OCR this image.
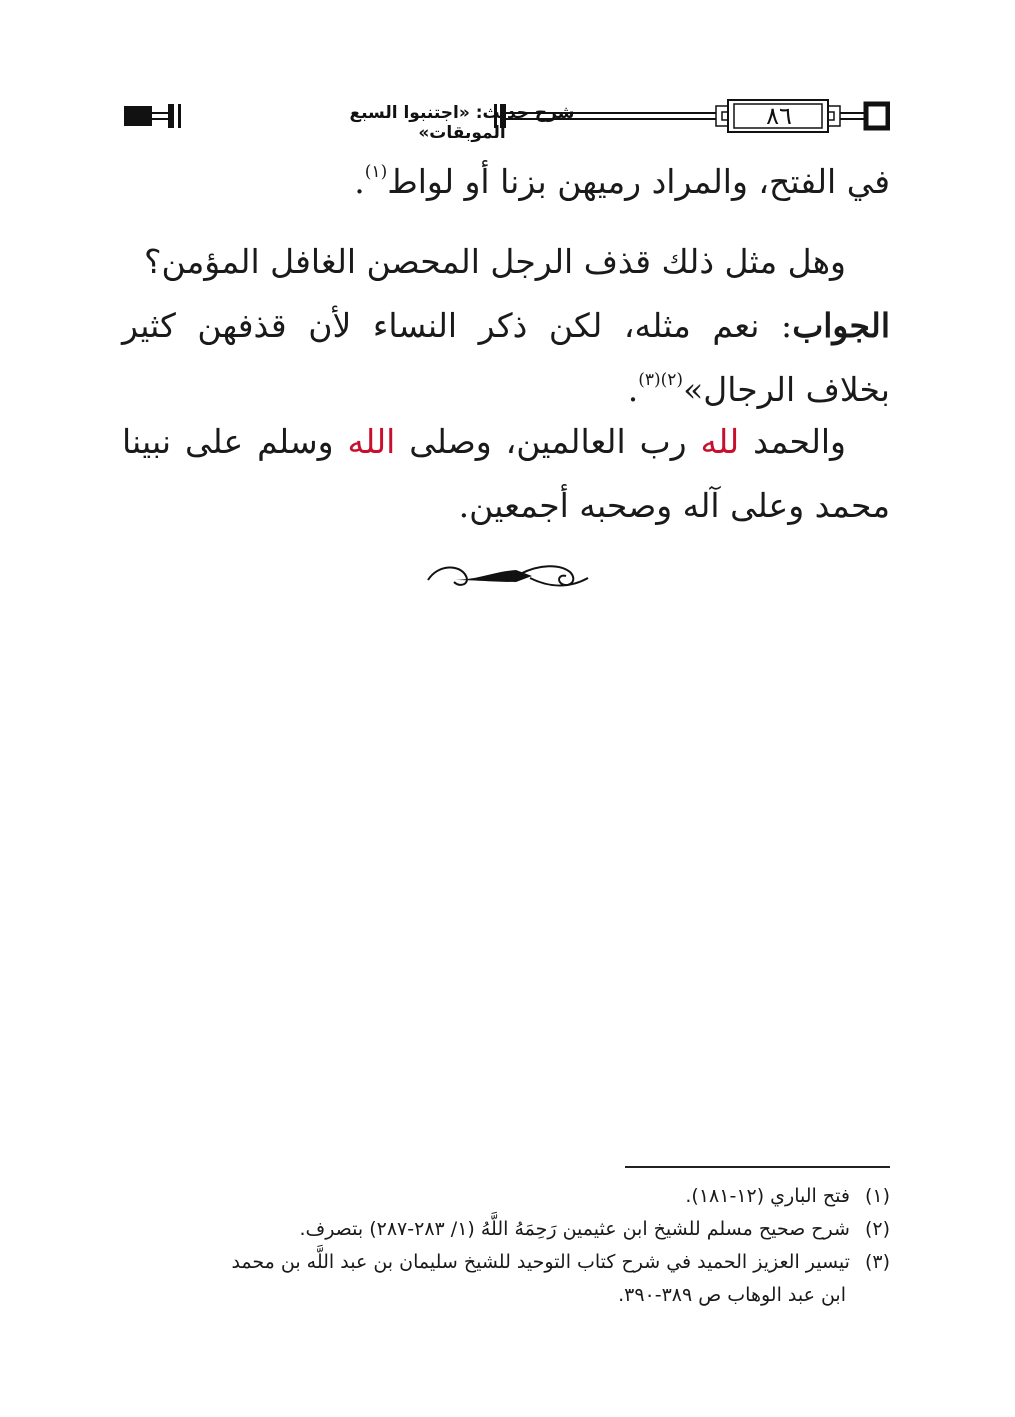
شرح حديث: «اجتنبوا السبع الموبقات»
٨٦
في الفتح، والمراد رميهن بزنا أو لواط$^{(١)}$.
وهل مثل ذلك قذف الرجل المحصن الغافل المؤمن؟
الجواب: نعم مثله، لكن ذكر النساء لأن قذفهن كثير بخلاف الرجال»$^{(٢)(٣)}$.
والحمد لله رب العالمين، وصلى الله وسلم على نبينا محمد وعلى آله وصحبه أجمعين.
(١) فتح الباري (١٢-١٨١).
(٢) شرح صحيح مسلم للشيخ ابن عثيمين رَحِمَهُ اللَّهُ (١/ ٢٨٣-٢٨٧) بتصرف.
(٣) تيسير العزيز الحميد في شرح كتاب التوحيد للشيخ سليمان بن عبد اللَّه بن محمد
ابن عبد الوهاب ص ٣٨٩-٣٩٠.
